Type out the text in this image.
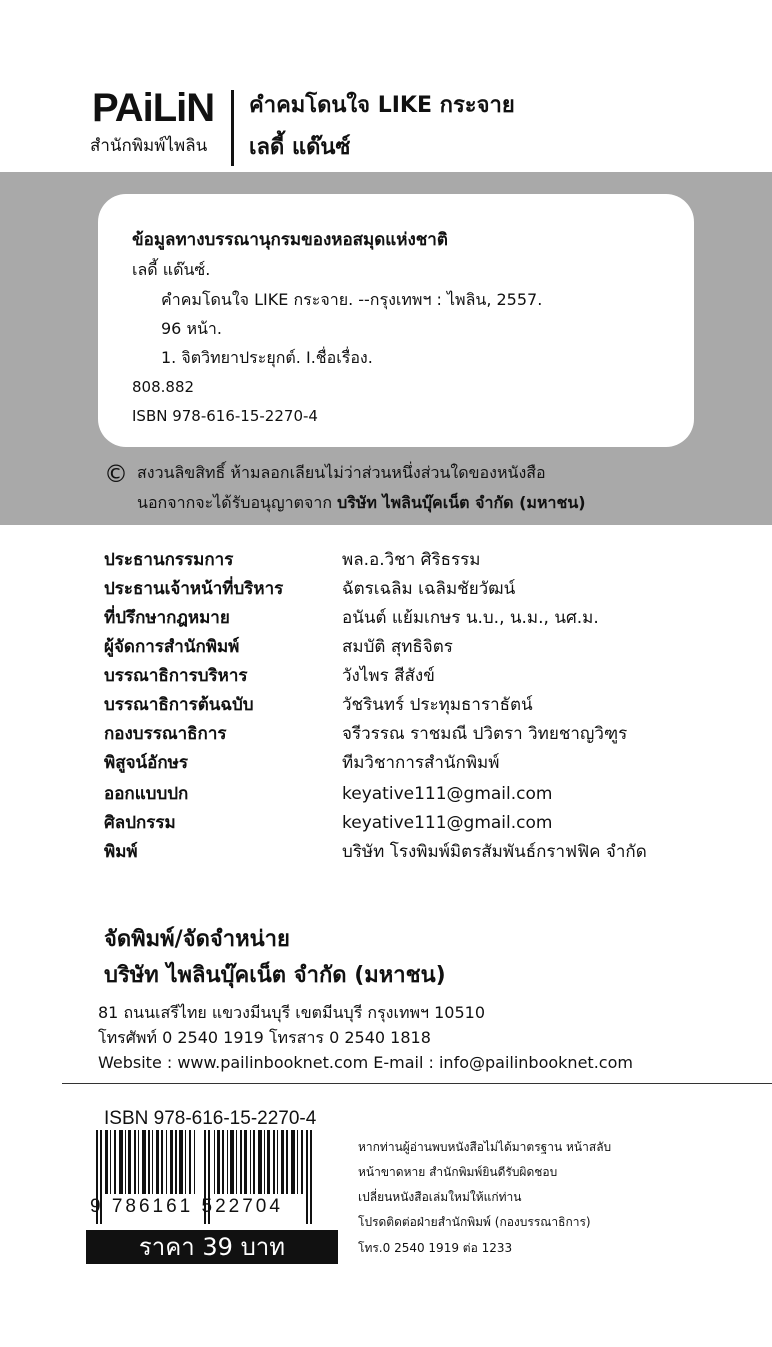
PAiLiN
สำนักพิมพ์ไพลิน
คำคมโดนใจ LIKE กระจาย
เลดี้ แด๊นซ์
ข้อมูลทางบรรณานุกรมของหอสมุดแห่งชาติ
เลดี้ แด๊นซ์.
คำคมโดนใจ LIKE กระจาย. --กรุงเทพฯ : ไพลิน, 2557.
96 หน้า.
1. จิตวิทยาประยุกต์. I.ชื่อเรื่อง.
808.882
ISBN 978-616-15-2270-4
© สงวนลิขสิทธิ์ ห้ามลอกเลียนไม่ว่าส่วนหนึ่งส่วนใดของหนังสือ
นอกจากจะได้รับอนุญาตจาก บริษัท ไพลินบุ๊คเน็ต จำกัด (มหาชน)
ประธานกรรมการ	พล.อ.วิชา ศิริธรรม
ประธานเจ้าหน้าที่บริหาร	ฉัตรเฉลิม เฉลิมชัยวัฒน์
ที่ปรึกษากฎหมาย	อนันต์ แย้มเกษร น.บ., น.ม., นศ.ม.
ผู้จัดการสำนักพิมพ์	สมบัติ สุทธิจิตร
บรรณาธิการบริหาร	วังไพร สีสังข์
บรรณาธิการต้นฉบับ	วัชรินทร์ ประทุมธาราธัตน์
กองบรรณาธิการ	จรีวรรณ ราชมณี ปวิตรา วิทยชาญวิฑูร
พิสูจน์อักษร	ทีมวิชาการสำนักพิมพ์
ออกแบบปก	keyative111@gmail.com
ศิลปกรรม	keyative111@gmail.com
พิมพ์	บริษัท โรงพิมพ์มิตรสัมพันธ์กราฟฟิค จำกัด
จัดพิมพ์/จัดจำหน่าย
บริษัท ไพลินบุ๊คเน็ต จำกัด (มหาชน)
81 ถนนเสรีไทย แขวงมีนบุรี เขตมีนบุรี กรุงเทพฯ 10510
โทรศัพท์ 0 2540 1919 โทรสาร 0 2540 1818
Website : www.pailinbooknet.com E-mail : info@pailinbooknet.com
ISBN 978-616-15-2270-4
9 786161 522704
ราคา 39 บาท
หากท่านผู้อ่านพบหนังสือไม่ได้มาตรฐาน หน้าสลับ
หน้าขาดหาย สำนักพิมพ์ยินดีรับผิดชอบ
เปลี่ยนหนังสือเล่มใหม่ให้แก่ท่าน
โปรดติดต่อฝ่ายสำนักพิมพ์ (กองบรรณาธิการ)
โทร.0 2540 1919 ต่อ 1233
